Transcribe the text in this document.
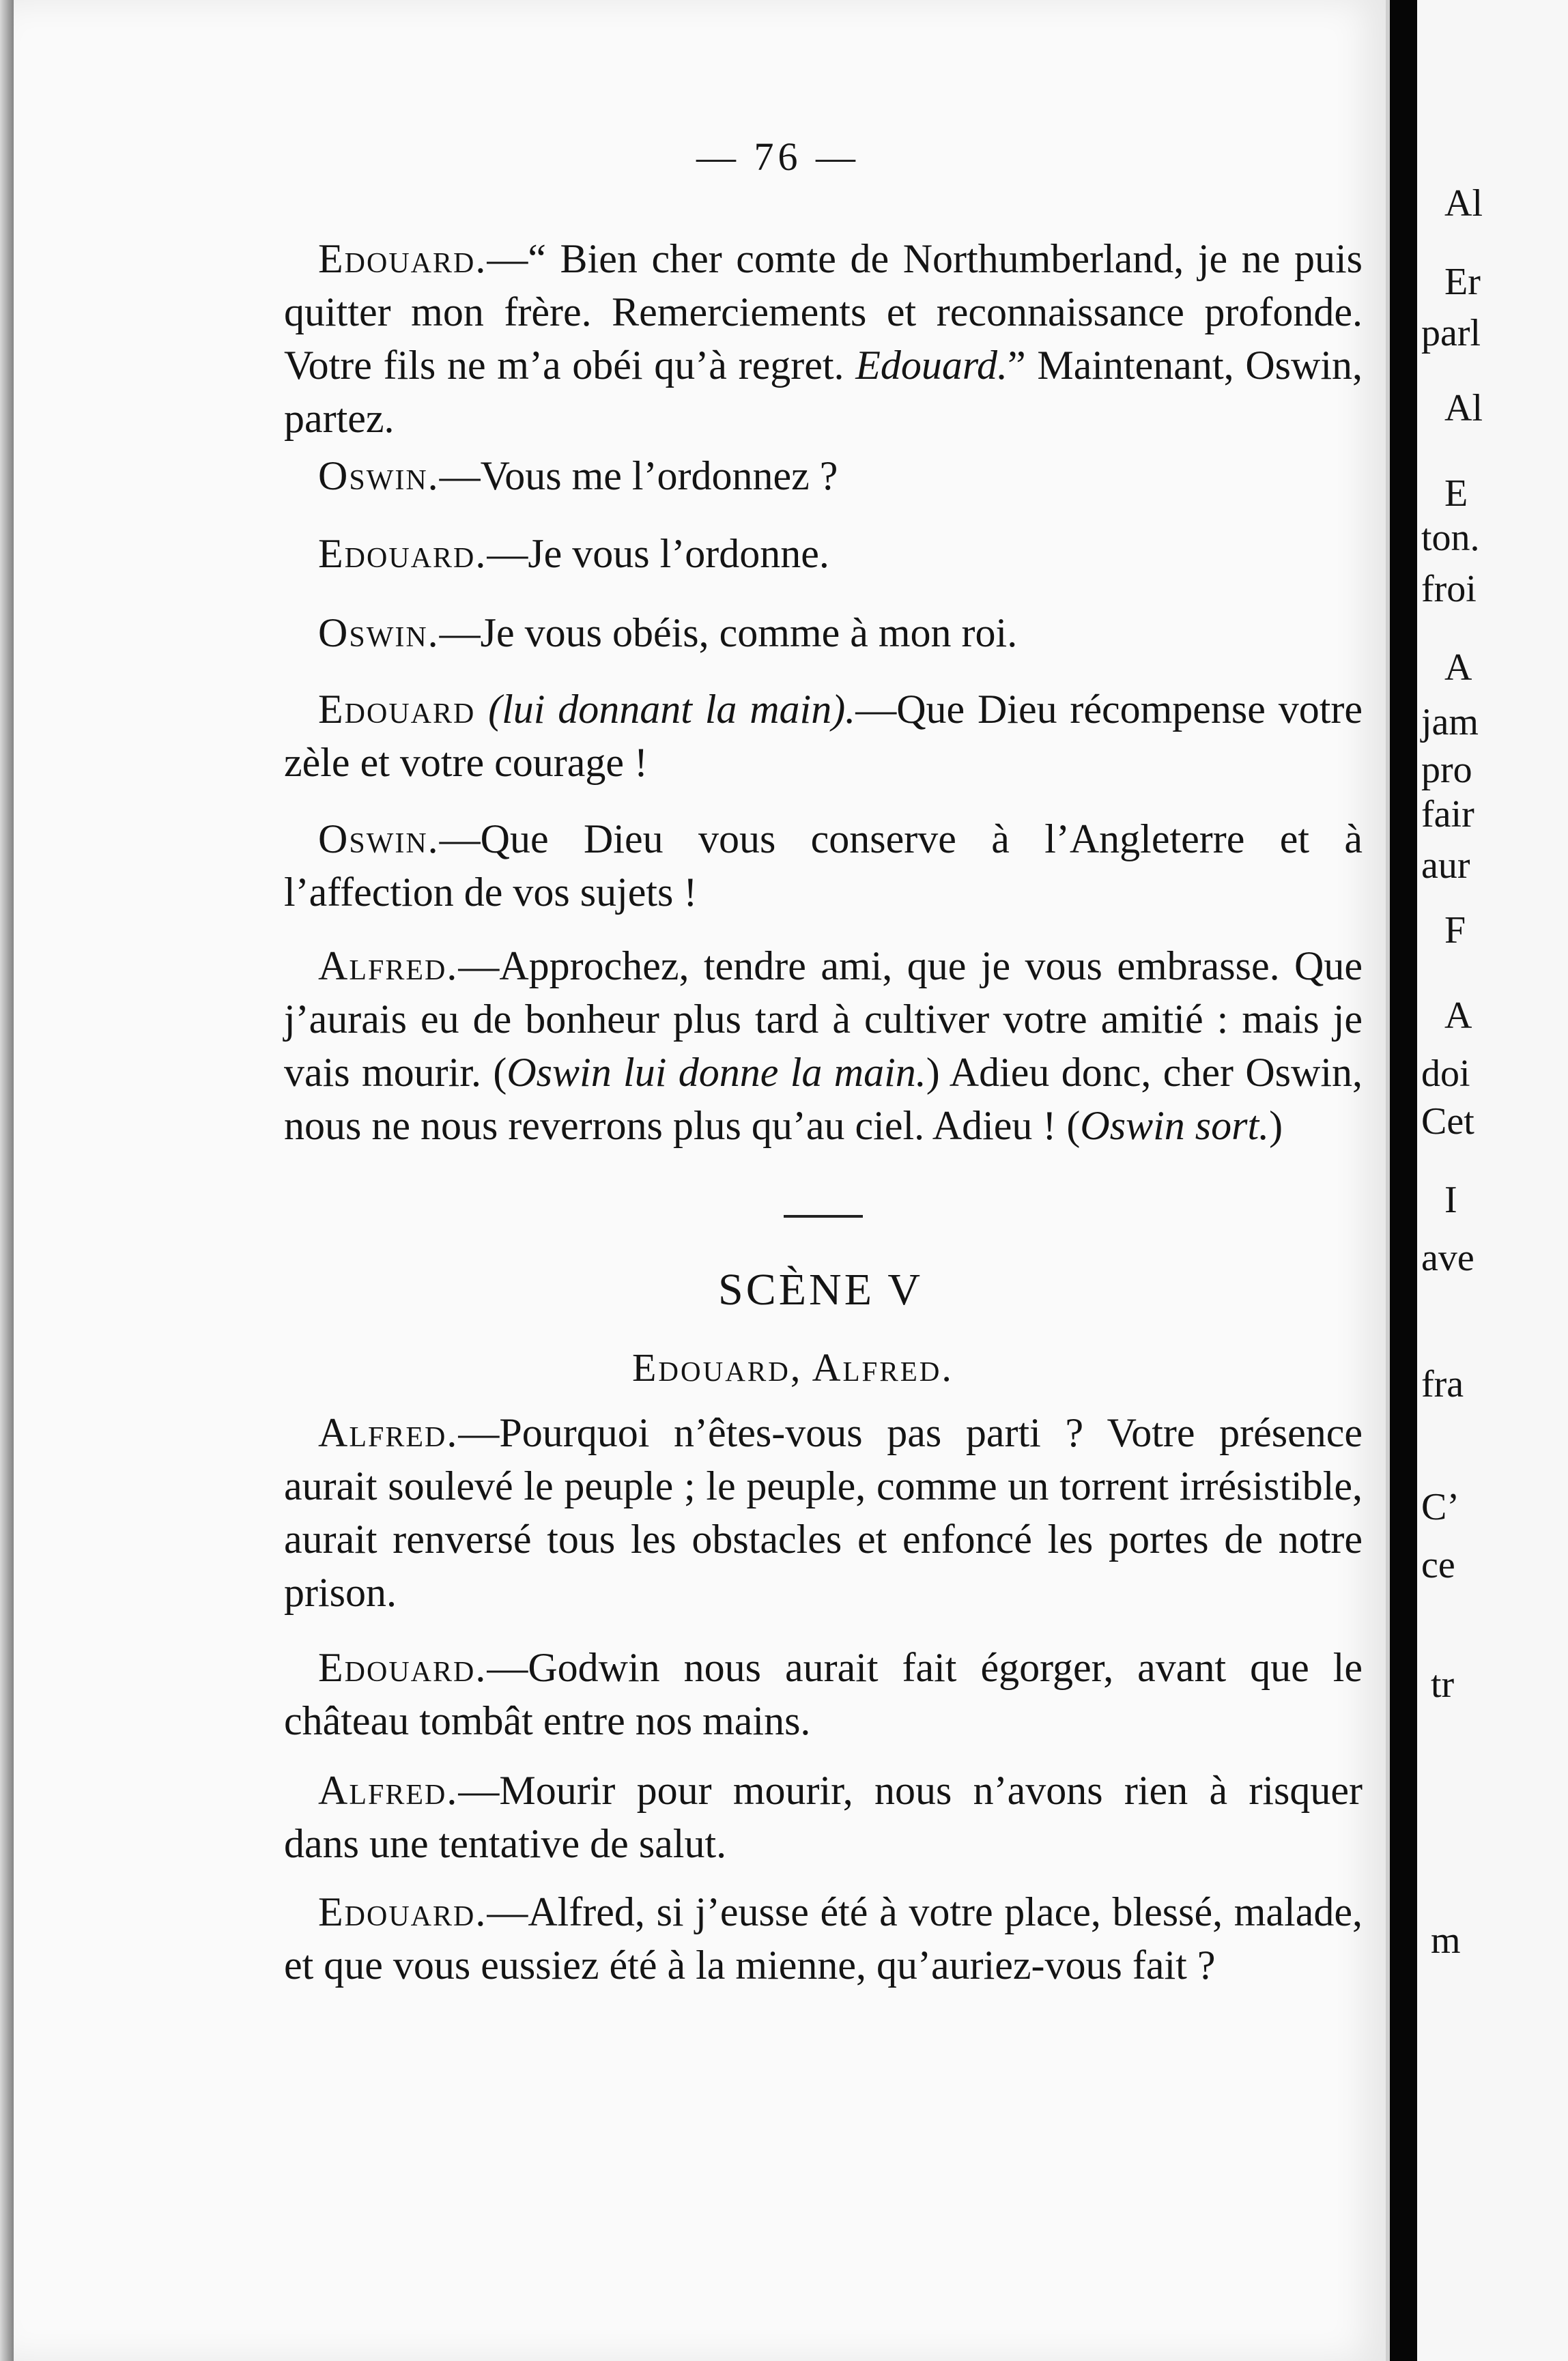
— 76 —
Edouard.—“ Bien cher comte de Northumberland, je ne puis quitter mon frère. Remerciements et reconnaissance profonde. Votre fils ne m’a obéi qu’à regret. Edouard.” Maintenant, Oswin, partez.
Oswin.—Vous me l’ordonnez ?
Edouard.—Je vous l’ordonne.
Oswin.—Je vous obéis, comme à mon roi.
Edouard (lui donnant la main).—Que Dieu récompense votre zèle et votre courage !
Oswin.—Que Dieu vous conserve à l’Angleterre et à l’affection de vos sujets !
Alfred.—Approchez, tendre ami, que je vous embrasse. Que j’aurais eu de bonheur plus tard à cultiver votre amitié : mais je vais mourir. (Oswin lui donne la main.) Adieu donc, cher Oswin, nous ne nous reverrons plus qu’au ciel. Adieu ! (Oswin sort.)
Alfred.—Pourquoi n’êtes-vous pas parti ? Votre présence aurait soulevé le peuple ; le peuple, comme un torrent irrésistible, aurait renversé tous les obstacles et enfoncé les portes de notre prison.
Edouard.—Godwin nous aurait fait égorger, avant que le château tombât entre nos mains.
Alfred.—Mourir pour mourir, nous n’avons rien à risquer dans une tentative de salut.
Edouard.—Alfred, si j’eusse été à votre place, blessé, malade, et que vous eussiez été à la mienne, qu’auriez-vous fait ?
SCÈNE V
Edouard, Alfred.
Al
Er
parl
Al
E
ton.
froi
A
jam
pro
fair
aur
F
A
doi
Cet
I
ave
fra
C’
ce
tr
m
